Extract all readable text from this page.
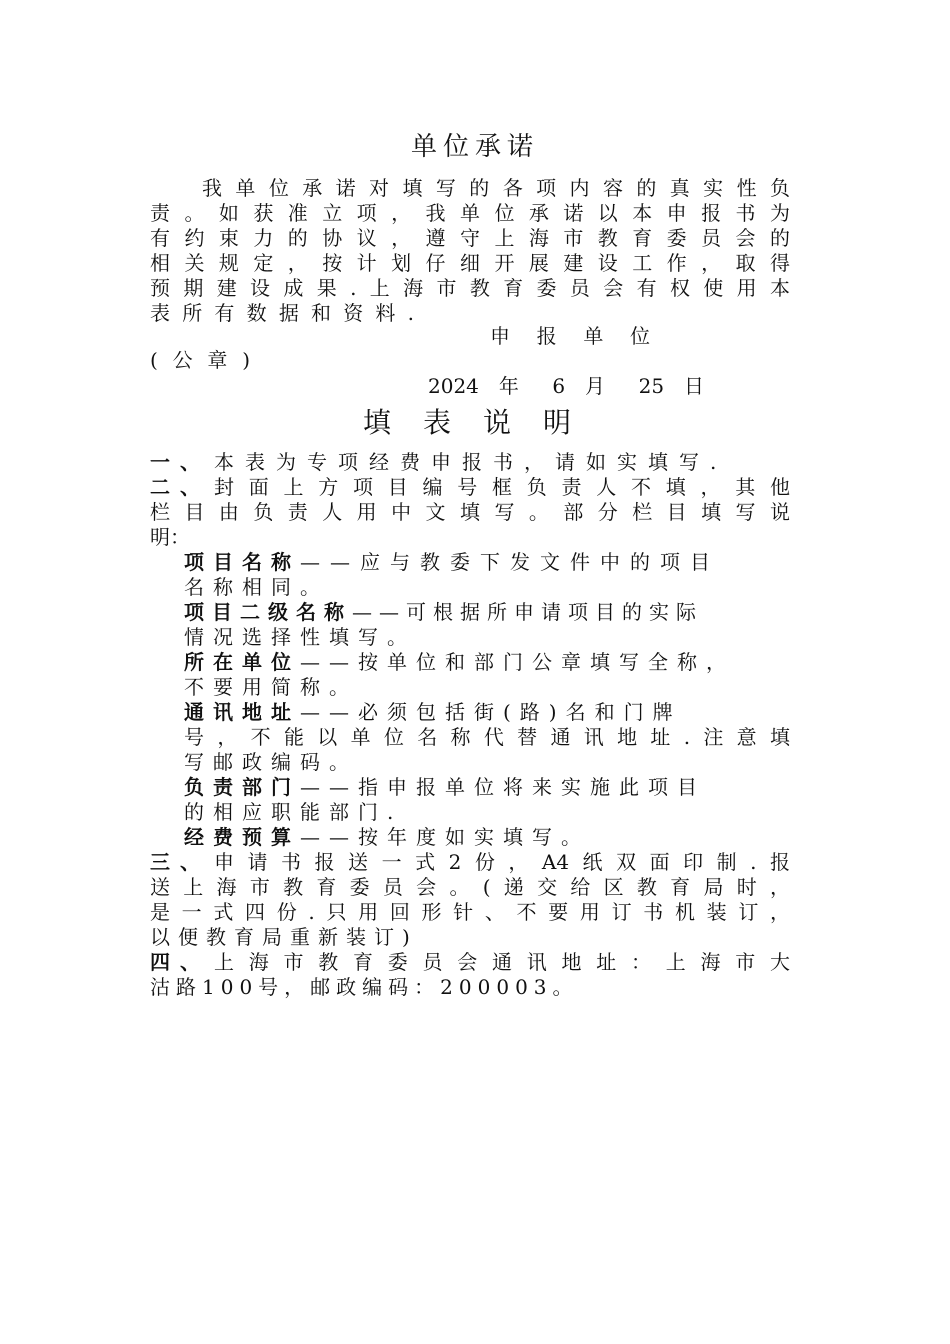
单位承诺
我单位承诺对填写的各项内容的真实性负
责。如获准立项，我单位承诺以本申报书为
有约束力的协议，遵守上海市教育委员会的
相关规定，按计划仔细开展建设工作，取得
预期建设成果.上海市教育委员会有权使用本
表所有数据和资料.
申 报 单 位
(公章)
2024 年 6 月 25 日
填表说明
一、 本表为专项经费申报书，请如实填写.
二、 封面上方项目编号框负责人不填，其他
栏目由负责人用中文填写。部分栏目填写说
明：
项目名称——应与教委下发文件中的项目
名称相同。
项目二级名称——可根据所申请项目的实际
情况选择性填写。
所在单位——按单位和部门公章填写全称，
不要用简称。
通讯地址——必须包括街(路)名和门牌
号，不能以单位名称代替通讯地址.注意填
写邮政编码。
负责部门——指申报单位将来实施此项目
的相应职能部门.
经费预算——按年度如实填写。
三、 申请书报送一式2份，A4纸双面印制.报
送上海市教育委员会。(递交给区教育局时，
是一式四份.只用回形针、不要用订书机装订，
以便教育局重新装订)
四、 上海市教育委员会通讯地址：上海市大
沽路100号，邮政编码：200003。
